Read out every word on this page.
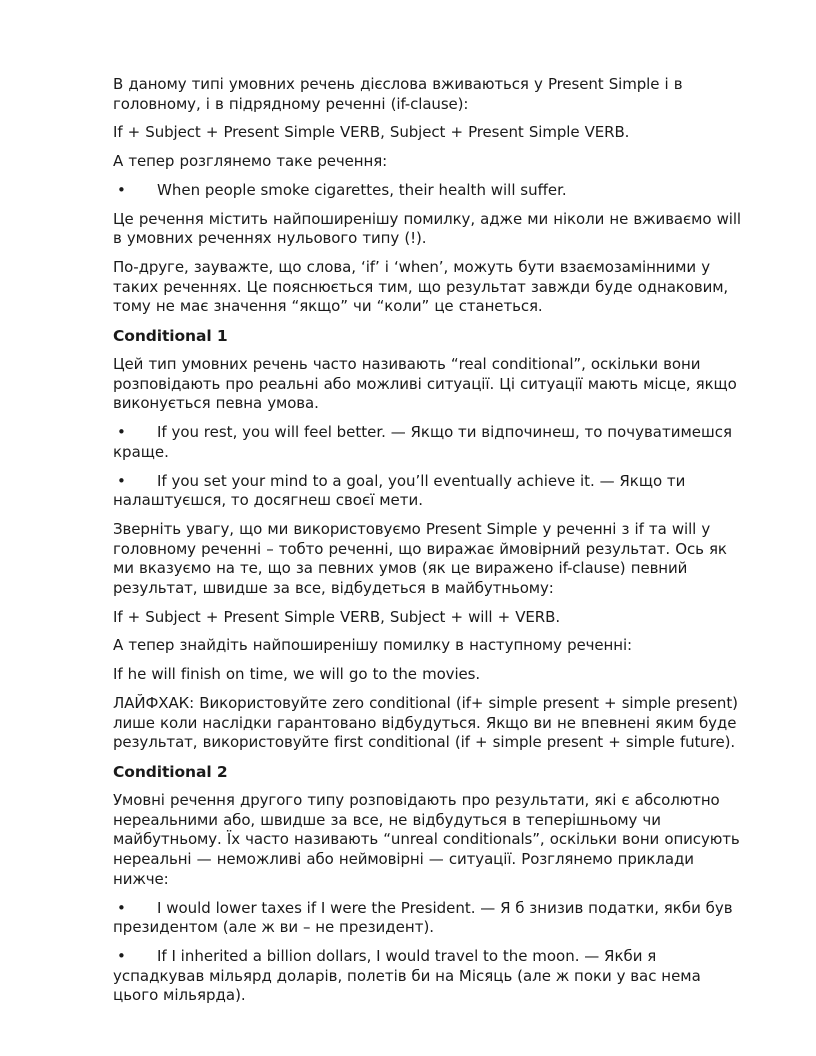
В даному типі умовних речень дієслова вживаються у Present Simple і в головному, і в підрядному реченні (if-clause):

If + Subject + Present Simple VERB, Subject + Present Simple VERB.

А тепер розглянемо таке речення:

• When people smoke cigarettes, their health will suffer.

Це речення містить найпоширенішу помилку, адже ми ніколи не вживаємо will в умовних реченнях нульового типу (!).

По-друге, зауважте, що слова, ‘if’ і ‘when’, можуть бути взаємозамінними у таких реченнях. Це пояснюється тим, що результат завжди буде однаковим, тому не має значення “якщо” чи “коли” це станеться.

Conditional 1

Цей тип умовних речень часто називають “real conditional”, оскільки вони розповідають про реальні або можливі ситуації. Ці ситуації мають місце, якщо виконується певна умова.

• If you rest, you will feel better. — Якщо ти відпочинеш, то почуватимешся краще.

• If you set your mind to a goal, you’ll eventually achieve it. — Якщо ти налаштуєшся, то досягнеш своєї мети.

Зверніть увагу, що ми використовуємо Present Simple у реченні з if та will у головному реченні – тобто реченні, що виражає ймовірний результат. Ось як ми вказуємо на те, що за певних умов (як це виражено if-clause) певний результат, швидше за все, відбудеться в майбутньому:

If + Subject + Present Simple VERB, Subject + will + VERB.

А тепер знайдіть найпоширенішу помилку в наступному реченні:

If he will finish on time, we will go to the movies.

ЛАЙФХАК: Використовуйте zero conditional (if+ simple present + simple present) лише коли наслідки гарантовано відбудуться. Якщо ви не впевнені яким буде результат, використовуйте first conditional (if + simple present + simple future).

Conditional 2

Умовні речення другого типу розповідають про результати, які є абсолютно нереальними або, швидше за все, не відбудуться в теперішньому чи майбутньому. Їх часто називають “unreal conditionals”, оскільки вони описують нереальні — неможливі або неймовірні — ситуації. Розглянемо приклади нижче:

• I would lower taxes if I were the President. — Я б знизив податки, якби був президентом (але ж ви – не президент).

• If I inherited a billion dollars, I would travel to the moon. — Якби я успадкував мільярд доларів, полетів би на Місяць (але ж поки у вас нема цього мільярда).
